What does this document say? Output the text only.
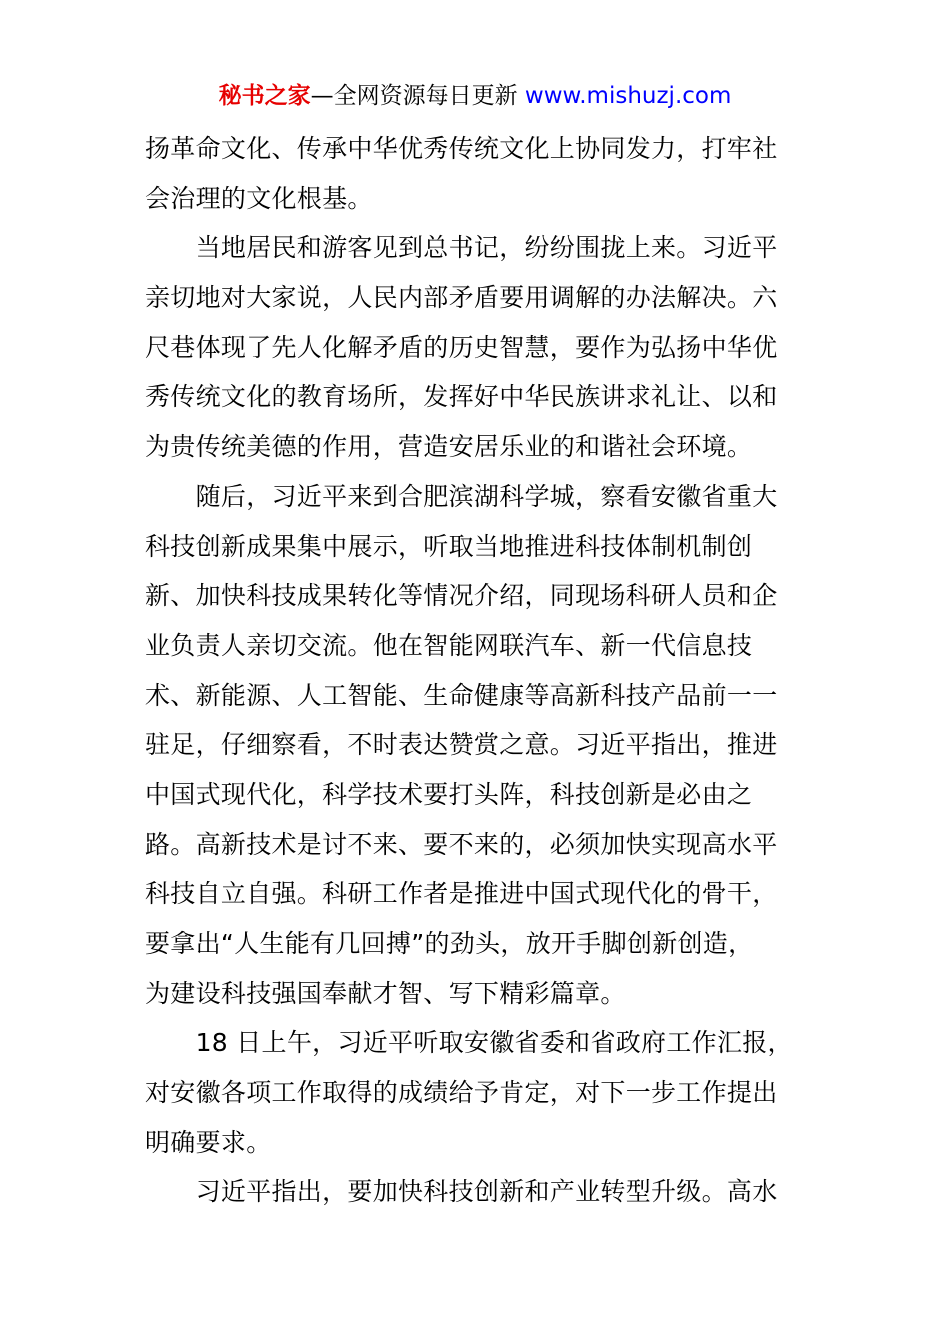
秘书之家—全网资源每日更新 www.mishuzj.com
扬革命文化、传承中华优秀传统文化上协同发力，打牢社
会治理的文化根基。
　　当地居民和游客见到总书记，纷纷围拢上来。习近平
亲切地对大家说，人民内部矛盾要用调解的办法解决。六
尺巷体现了先人化解矛盾的历史智慧，要作为弘扬中华优
秀传统文化的教育场所，发挥好中华民族讲求礼让、以和
为贵传统美德的作用，营造安居乐业的和谐社会环境。
　　随后，习近平来到合肥滨湖科学城，察看安徽省重大
科技创新成果集中展示，听取当地推进科技体制机制创
新、加快科技成果转化等情况介绍，同现场科研人员和企
业负责人亲切交流。他在智能网联汽车、新一代信息技
术、新能源、人工智能、生命健康等高新科技产品前一一
驻足，仔细察看，不时表达赞赏之意。习近平指出，推进
中国式现代化，科学技术要打头阵，科技创新是必由之
路。高新技术是讨不来、要不来的，必须加快实现高水平
科技自立自强。科研工作者是推进中国式现代化的骨干，
要拿出“人生能有几回搏”的劲头，放开手脚创新创造，
为建设科技强国奉献才智、写下精彩篇章。
　　18 日上午，习近平听取安徽省委和省政府工作汇报，
对安徽各项工作取得的成绩给予肯定，对下一步工作提出
明确要求。
　　习近平指出，要加快科技创新和产业转型升级。高水
